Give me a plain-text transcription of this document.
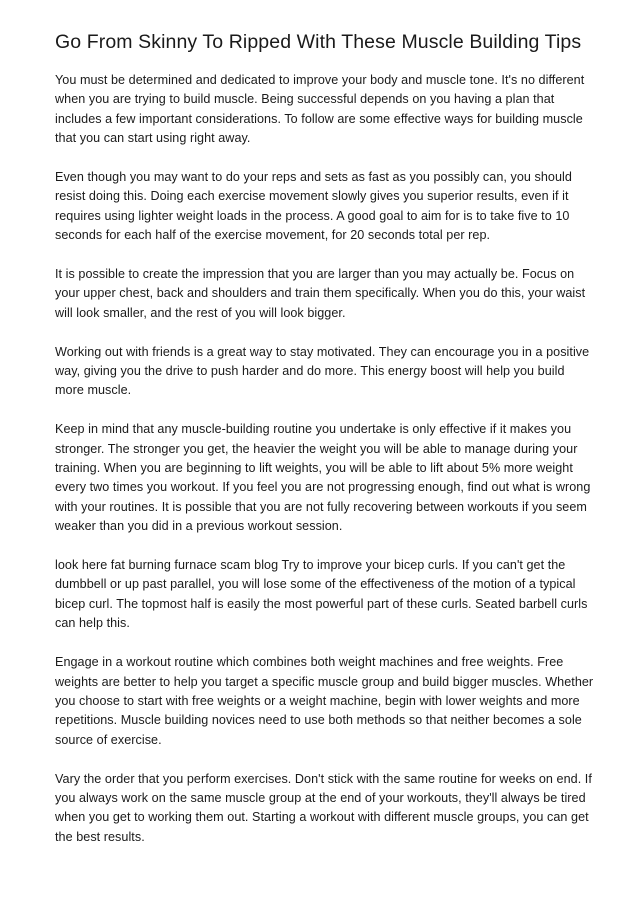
Go From Skinny To Ripped With These Muscle Building Tips

You must be determined and dedicated to improve your body and muscle tone. It's no different when you are trying to build muscle. Being successful depends on you having a plan that includes a few important considerations. To follow are some effective ways for building muscle that you can start using right away.

Even though you may want to do your reps and sets as fast as you possibly can, you should resist doing this. Doing each exercise movement slowly gives you superior results, even if it requires using lighter weight loads in the process. A good goal to aim for is to take five to 10 seconds for each half of the exercise movement, for 20 seconds total per rep.

It is possible to create the impression that you are larger than you may actually be. Focus on your upper chest, back and shoulders and train them specifically. When you do this, your waist will look smaller, and the rest of you will look bigger.

Working out with friends is a great way to stay motivated. They can encourage you in a positive way, giving you the drive to push harder and do more. This energy boost will help you build more muscle.

Keep in mind that any muscle-building routine you undertake is only effective if it makes you stronger. The stronger you get, the heavier the weight you will be able to manage during your training. When you are beginning to lift weights, you will be able to lift about 5% more weight every two times you workout. If you feel you are not progressing enough, find out what is wrong with your routines. It is possible that you are not fully recovering between workouts if you seem weaker than you did in a previous workout session.

look here fat burning furnace scam blog Try to improve your bicep curls. If you can't get the dumbbell or up past parallel, you will lose some of the effectiveness of the motion of a typical bicep curl. The topmost half is easily the most powerful part of these curls. Seated barbell curls can help this.

Engage in a workout routine which combines both weight machines and free weights. Free weights are better to help you target a specific muscle group and build bigger muscles. Whether you choose to start with free weights or a weight machine, begin with lower weights and more repetitions. Muscle building novices need to use both methods so that neither becomes a sole source of exercise.

Vary the order that you perform exercises. Don't stick with the same routine for weeks on end. If you always work on the same muscle group at the end of your workouts, they'll always be tired when you get to working them out. Starting a workout with different muscle groups, you can get the best results.
